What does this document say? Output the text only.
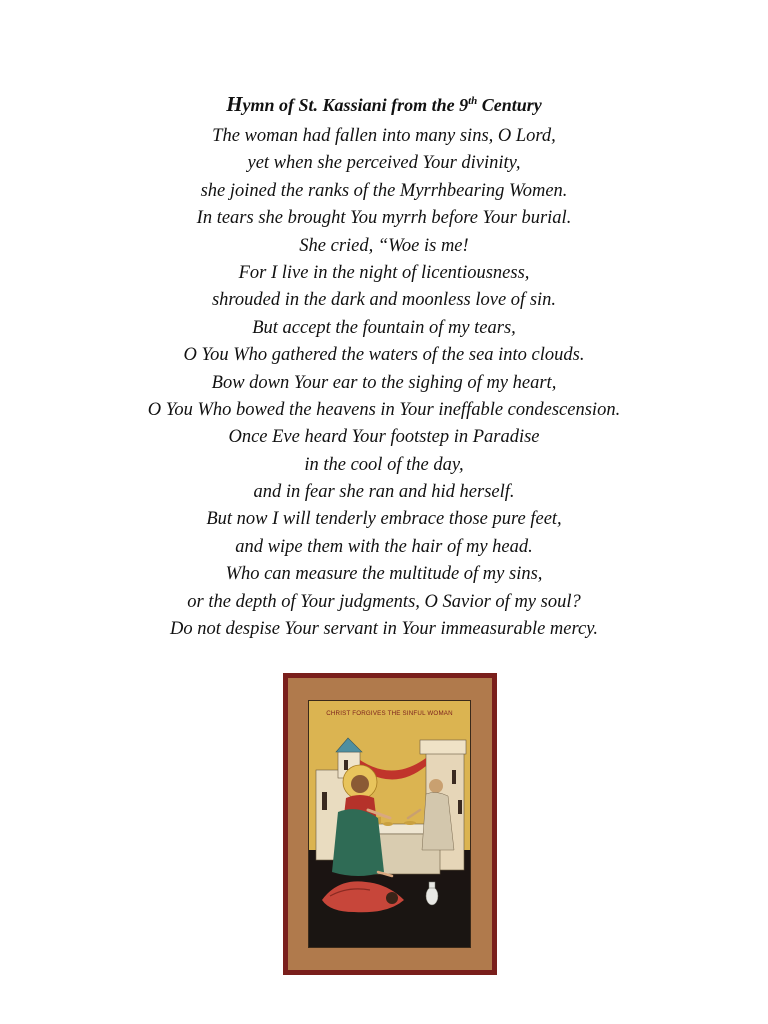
Hymn of St. Kassiani from the 9th Century
The woman had fallen into many sins, O Lord,
yet when she perceived Your divinity,
she joined the ranks of the Myrrhbearing Women.
In tears she brought You myrrh before Your burial.
She cried, “Woe is me!
For I live in the night of licentiousness,
shrouded in the dark and moonless love of sin.
But accept the fountain of my tears,
O You Who gathered the waters of the sea into clouds.
Bow down Your ear to the sighing of my heart,
O You Who bowed the heavens in Your ineffable condescension.
Once Eve heard Your footstep in Paradise
in the cool of the day,
and in fear she ran and hid herself.
But now I will tenderly embrace those pure feet,
and wipe them with the hair of my head.
Who can measure the multitude of my sins,
or the depth of Your judgments, O Savior of my soul?
Do not despise Your servant in Your immeasurable mercy.
CHRIST FORGIVES THE SINFUL WOMAN
